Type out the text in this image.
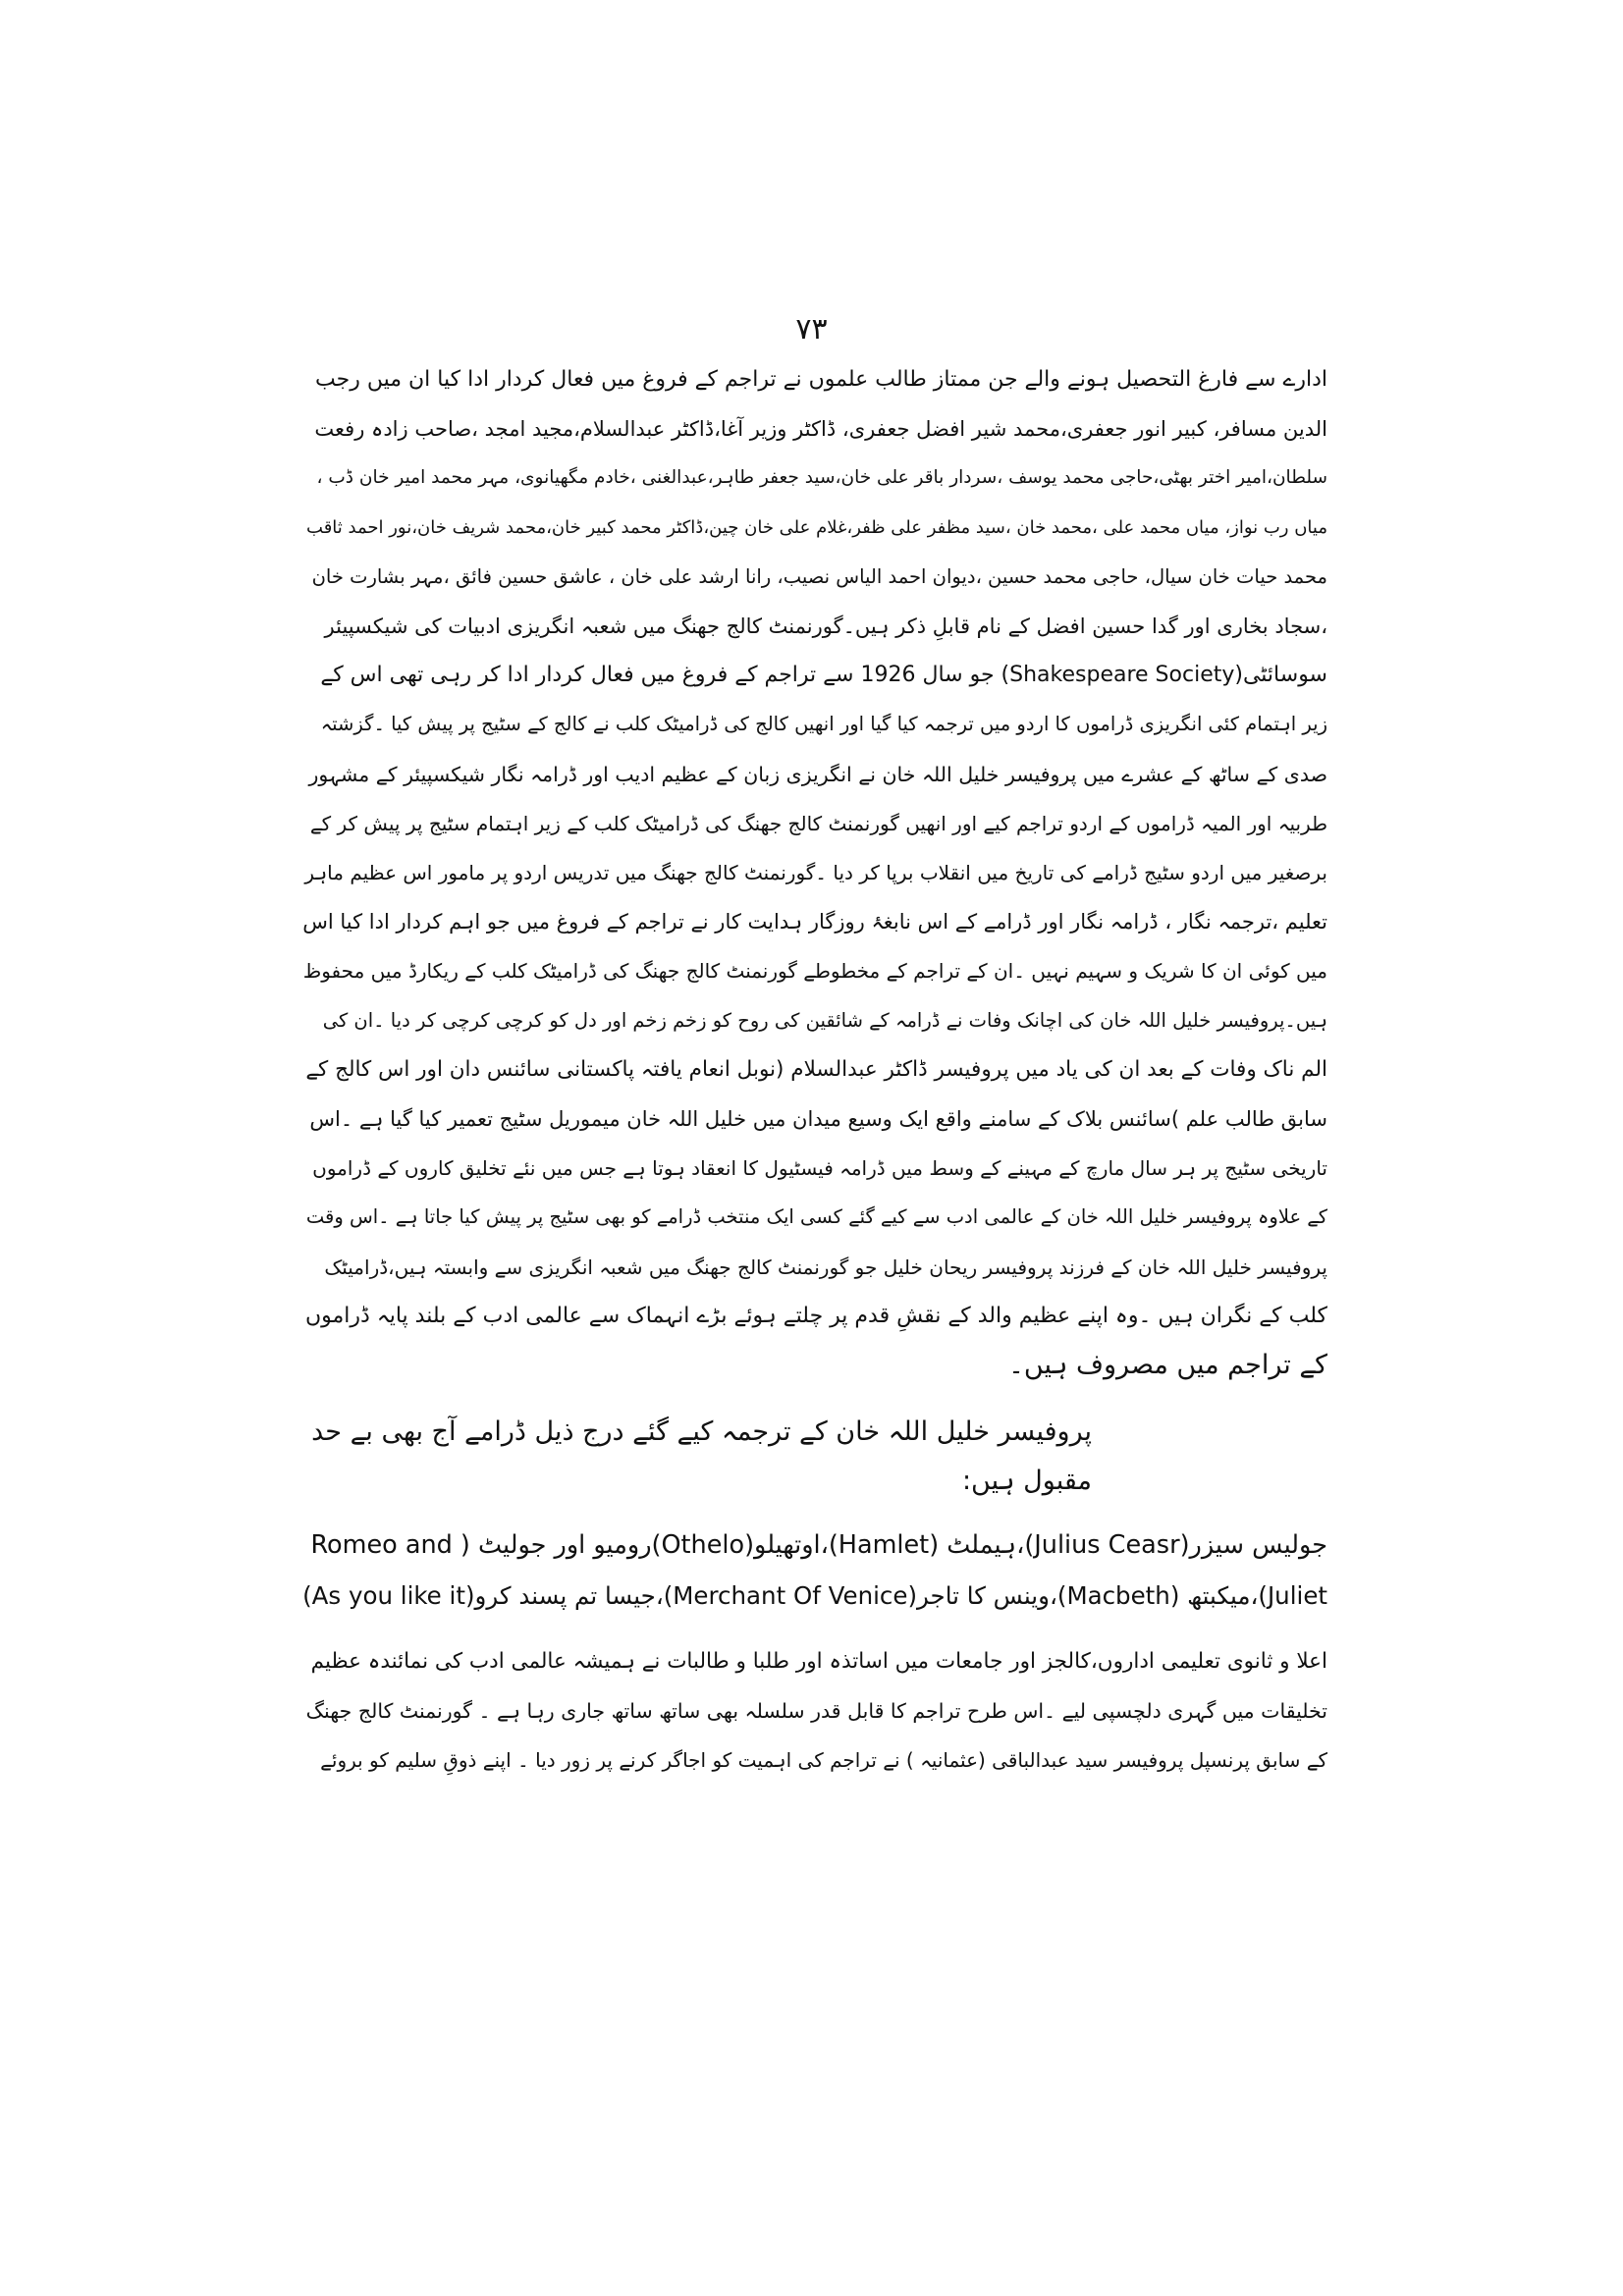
۷۳

ادارے سے فارغ التحصیل ہونے والے جن ممتاز طالب علموں نے تراجم کے فروغ میں فعال کردار ادا کیا ان میں رجب
الدین مسافر، کبیر انور جعفری،محمد شیر افضل جعفری، ڈاکٹر وزیر آغا،ڈاکٹر عبدالسلام،مجید امجد ،صاحب زادہ رفعت
سلطان،امیر اختر بھٹی،حاجی محمد یوسف ،سردار باقر علی خان،سید جعفر طاہر،عبدالغنی ،خادم مگھیانوی، مہر محمد امیر خان ڈب ،
میاں رب نواز، میاں محمد علی ،محمد خان ،سید مظفر علی ظفر،غلام علی خان چین،ڈاکٹر محمد کبیر خان،محمد شریف خان،نور احمد ثاقب
محمد حیات خان سیال، حاجی محمد حسین ،دیوان احمد الیاس نصیب، رانا ارشد علی خان ، عاشق حسین فائق ،مہر بشارت خان
،سجاد بخاری اور گدا حسین افضل کے نام قابلِ ذکر ہیں۔گورنمنٹ کالج جھنگ میں شعبہ انگریزی ادبیات کی شیکسپیئر
سوسائٹی(Shakespeare Society) جو سال 1926 سے تراجم کے فروغ میں فعال کردار ادا کر رہی تھی اس کے
زیر اہتمام کئی انگریزی ڈراموں کا اردو میں ترجمہ کیا گیا اور انھیں کالج کی ڈرامیٹک کلب نے کالج کے سٹیج پر پیش کیا ۔گزشتہ
صدی کے ساٹھ کے عشرے میں پروفیسر خلیل اللہ خان نے انگریزی زبان کے عظیم ادیب اور ڈرامہ نگار شیکسپیئر کے مشہور
طربیہ اور المیہ ڈراموں کے اردو تراجم کیے اور انھیں گورنمنٹ کالج جھنگ کی ڈرامیٹک کلب کے زیر اہتمام سٹیج پر پیش کر کے
برصغیر میں اردو سٹیج ڈرامے کی تاریخ میں انقلاب برپا کر دیا ۔گورنمنٹ کالج جھنگ میں تدریس اردو پر مامور اس عظیم ماہر
تعلیم ،ترجمہ نگار ، ڈرامہ نگار اور ڈرامے کے اس نابغۂ روزگار ہدایت کار نے تراجم کے فروغ میں جو اہم کردار ادا کیا اس
میں کوئی ان کا شریک و سہیم نہیں ۔ان کے تراجم کے مخطوطے گورنمنٹ کالج جھنگ کی ڈرامیٹک کلب کے ریکارڈ میں محفوظ
ہیں۔پروفیسر خلیل اللہ خان کی اچانک وفات نے ڈرامہ کے شائقین کی روح کو زخم زخم اور دل کو کرچی کرچی کر دیا ۔ان کی
الم ناک وفات کے بعد ان کی یاد میں پروفیسر ڈاکٹر عبدالسلام (نوبل انعام یافتہ پاکستانی سائنس دان اور اس کالج کے
سابق طالب علم )سائنس بلاک کے سامنے واقع ایک وسیع میدان میں خلیل اللہ خان میموریل سٹیج تعمیر کیا گیا ہے ۔اس
تاریخی سٹیج پر ہر سال مارچ کے مہینے کے وسط میں ڈرامہ فیسٹیول کا انعقاد ہوتا ہے جس میں نئے تخلیق کاروں کے ڈراموں
کے علاوہ پروفیسر خلیل اللہ خان کے عالمی ادب سے کیے گئے کسی ایک منتخب ڈرامے کو بھی سٹیج پر پیش کیا جاتا ہے ۔اس وقت
پروفیسر خلیل اللہ خان کے فرزند پروفیسر ریحان خلیل جو گورنمنٹ کالج جھنگ میں شعبہ انگریزی سے وابستہ ہیں،ڈرامیٹک
کلب کے نگران ہیں ۔وہ اپنے عظیم والد کے نقشِ قدم پر چلتے ہوئے بڑے انہماک سے عالمی ادب کے بلند پایہ ڈراموں
کے تراجم میں مصروف ہیں۔

پروفیسر خلیل اللہ خان کے ترجمہ کیے گئے درج ذیل ڈرامے آج بھی بے حد مقبول ہیں:

جولیس سیزر(Julius Ceasr)،ہیملٹ (Hamlet)،اوتھیلو(Othelo)رومیو اور جولیٹ ( Romeo and
Juliet)،میکبتھ (Macbeth)،وینس کا تاجر(Merchant Of Venice)،جیسا تم پسند کرو(As you like it)

اعلا و ثانوی تعلیمی اداروں،کالجز اور جامعات میں اساتذہ اور طلبا و طالبات نے ہمیشہ عالمی ادب کی نمائندہ عظیم
تخلیقات میں گہری دلچسپی لیے ۔اس طرح تراجم کا قابل قدر سلسلہ بھی ساتھ ساتھ جاری رہا ہے ۔ گورنمنٹ کالج جھنگ
کے سابق پرنسپل پروفیسر سید عبدالباقی (عثمانیہ ) نے تراجم کی اہمیت کو اجاگر کرنے پر زور دیا ۔ اپنے ذوقِ سلیم کو بروئے
